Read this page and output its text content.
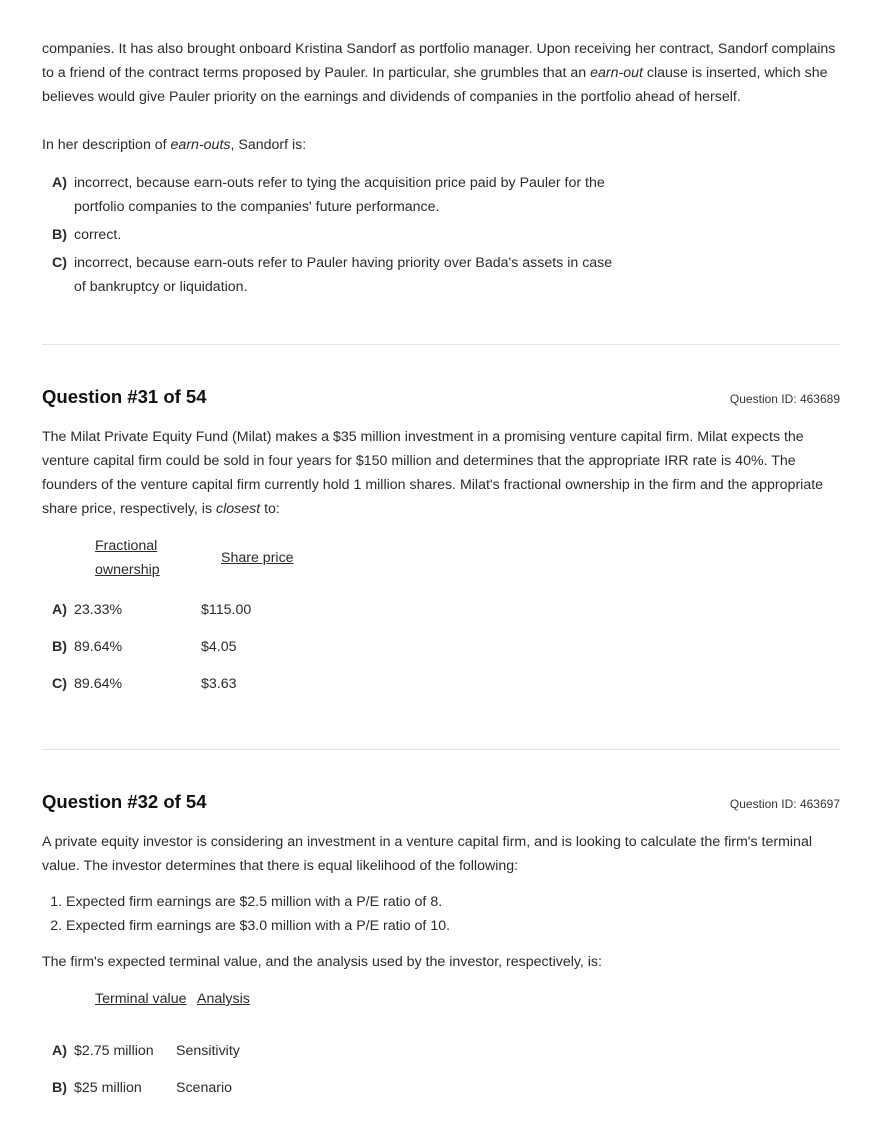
companies. It has also brought onboard Kristina Sandorf as portfolio manager. Upon receiving her contract, Sandorf complains to a friend of the contract terms proposed by Pauler. In particular, she grumbles that an earn-out clause is inserted, which she believes would give Pauler priority on the earnings and dividends of companies in the portfolio ahead of herself.

In her description of earn-outs, Sandorf is:

A) incorrect, because earn-outs refer to tying the acquisition price paid by Pauler for the portfolio companies to the companies' future performance.
B) correct.
C) incorrect, because earn-outs refer to Pauler having priority over Bada's assets in case of bankruptcy or liquidation.
Question #31 of 54	Question ID: 463689

The Milat Private Equity Fund (Milat) makes a $35 million investment in a promising venture capital firm. Milat expects the venture capital firm could be sold in four years for $150 million and determines that the appropriate IRR rate is 40%. The founders of the venture capital firm currently hold 1 million shares. Milat's fractional ownership in the firm and the appropriate share price, respectively, is closest to:

Fractional
ownership
Share price
A) 23.33%	$115.00
B) 89.64%	$4.05
C) 89.64%	$3.63
Question #32 of 54	Question ID: 463697

A private equity investor is considering an investment in a venture capital firm, and is looking to calculate the firm's terminal value. The investor determines that there is equal likelihood of the following:

1. Expected firm earnings are $2.5 million with a P/E ratio of 8.
2. Expected firm earnings are $3.0 million with a P/E ratio of 10.

The firm's expected terminal value, and the analysis used by the investor, respectively, is:

Terminal value Analysis
A) $2.75 million Sensitivity
B) $25 million Scenario
